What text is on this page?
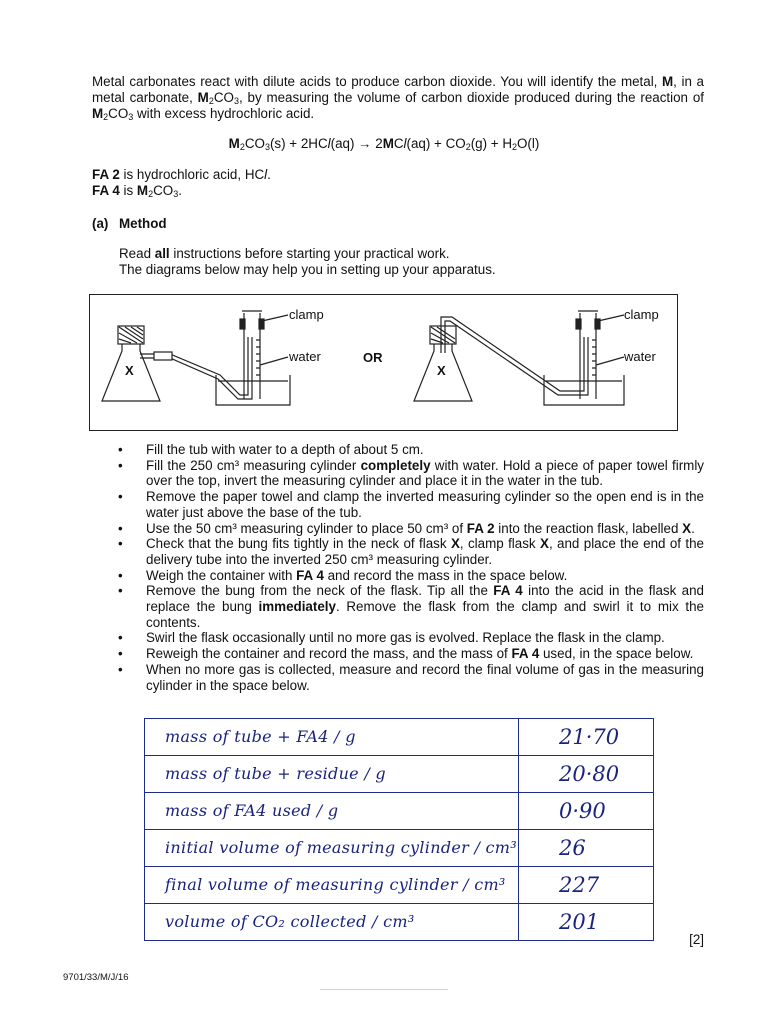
Metal carbonates react with dilute acids to produce carbon dioxide. You will identify the metal, M, in a metal carbonate, $M_2CO_3$, by measuring the volume of carbon dioxide produced during the reaction of $M_2CO_3$ with excess hydrochloric acid.
$M_2CO_3(s) + 2HCl(aq) \to 2MCl(aq) + CO_2(g) + H_2O(l)$
FA 2 is hydrochloric acid, HCl.
FA 4 is $M_2CO_3$.
(a) Method
Read all instructions before starting your practical work.
The diagrams below may help you in setting up your apparatus.
clamp
water
X
OR
clamp
water
X
• Fill the tub with water to a depth of about 5 cm.
• Fill the 250 cm³ measuring cylinder completely with water. Hold a piece of paper towel firmly over the top, invert the measuring cylinder and place it in the water in the tub.
• Remove the paper towel and clamp the inverted measuring cylinder so the open end is in the water just above the base of the tub.
• Use the 50 cm³ measuring cylinder to place 50 cm³ of FA 2 into the reaction flask, labelled X.
• Check that the bung fits tightly in the neck of flask X, clamp flask X, and place the end of the delivery tube into the inverted 250 cm³ measuring cylinder.
• Weigh the container with FA 4 and record the mass in the space below.
• Remove the bung from the neck of the flask. Tip all the FA 4 into the acid in the flask and replace the bung immediately. Remove the flask from the clamp and swirl it to mix the contents.
• Swirl the flask occasionally until no more gas is evolved. Replace the flask in the clamp.
• Reweigh the container and record the mass, and the mass of FA 4 used, in the space below.
• When no more gas is collected, measure and record the final volume of gas in the measuring cylinder in the space below.
mass of tube + FA4 / g	21·70
mass of tube + residue / g	20·80
mass of FA4 used / g	0·90
initial volume of measuring cylinder / cm³	26
final volume of measuring cylinder / cm³	227
volume of CO₂ collected / cm³	201
[2]
9701/33/M/J/16
